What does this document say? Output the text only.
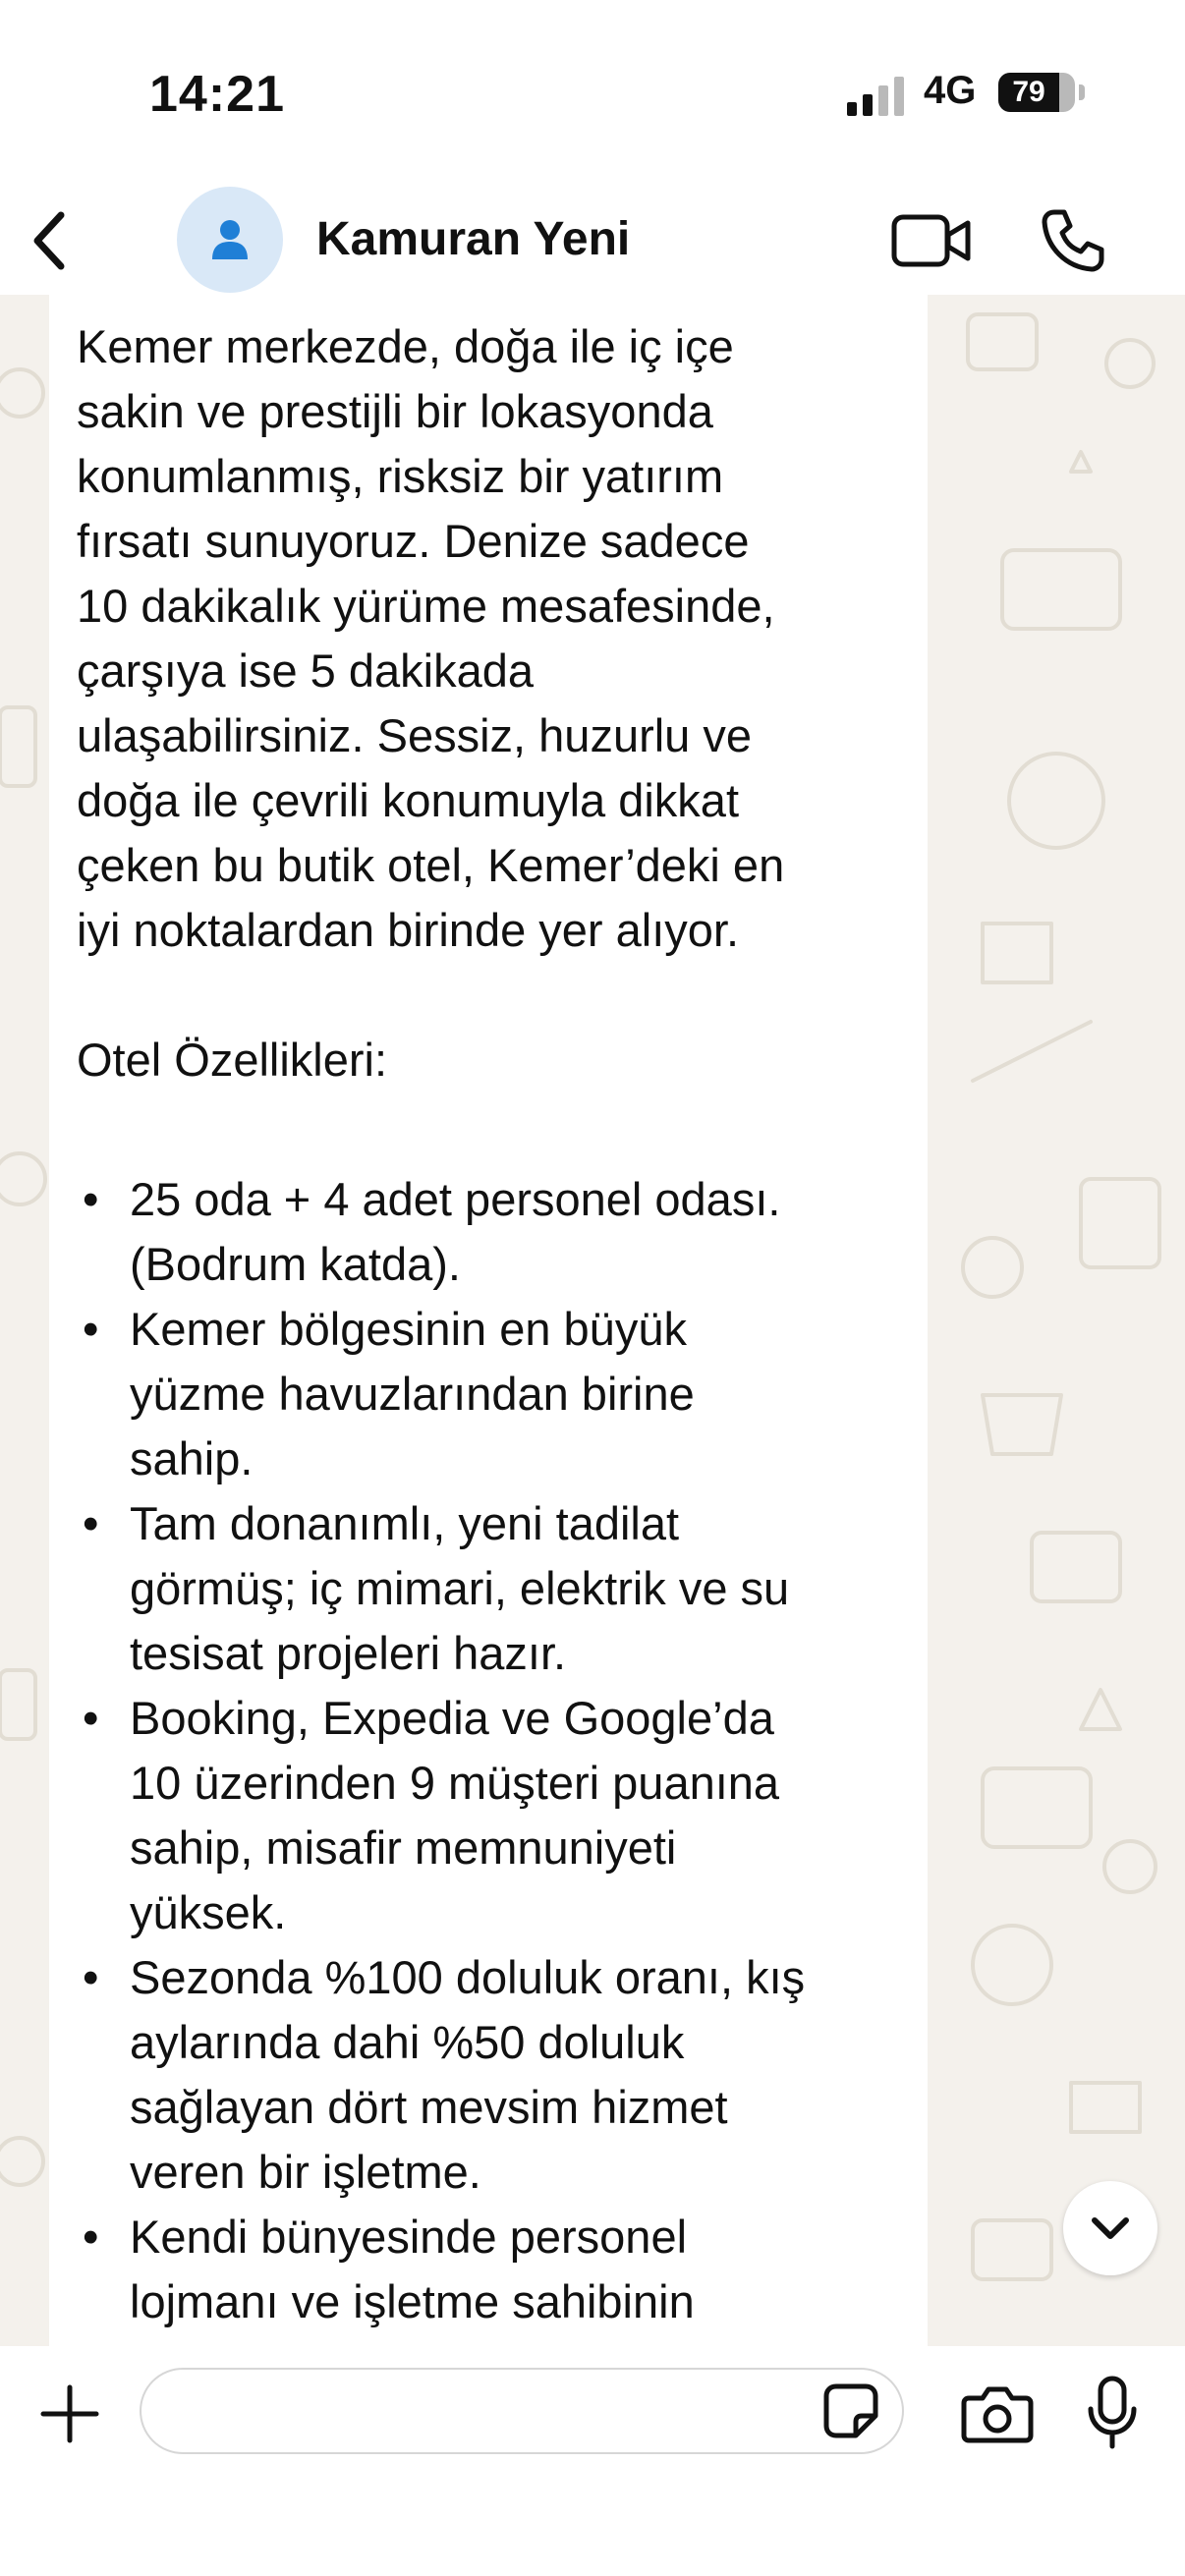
14:21	4G	79
Kamuran Yeni
Kemer merkezde, doğa ile iç içe
sakin ve prestijli bir lokasyonda
konumlanmış, risksiz bir yatırım
fırsatı sunuyoruz. Denize sadece
10 dakikalık yürüme mesafesinde,
çarşıya ise 5 dakikada
ulaşabilirsiniz. Sessiz, huzurlu ve
doğa ile çevrili konumuyla dikkat
çeken bu butik otel, Kemer’deki en
iyi noktalardan birinde yer alıyor.
Otel Özellikleri:
• 25 oda + 4 adet personel odası.
(Bodrum katda).
• Kemer bölgesinin en büyük
yüzme havuzlarından birine
sahip.
• Tam donanımlı, yeni tadilat
görmüş; iç mimari, elektrik ve su
tesisat projeleri hazır.
• Booking, Expedia ve Google’da
10 üzerinden 9 müşteri puanına
sahip, misafir memnuniyeti
yüksek.
• Sezonda %100 doluluk oranı, kış
aylarında dahi %50 doluluk
sağlayan dört mevsim hizmet
veren bir işletme.
• Kendi bünyesinde personel
lojmanı ve işletme sahibinin
